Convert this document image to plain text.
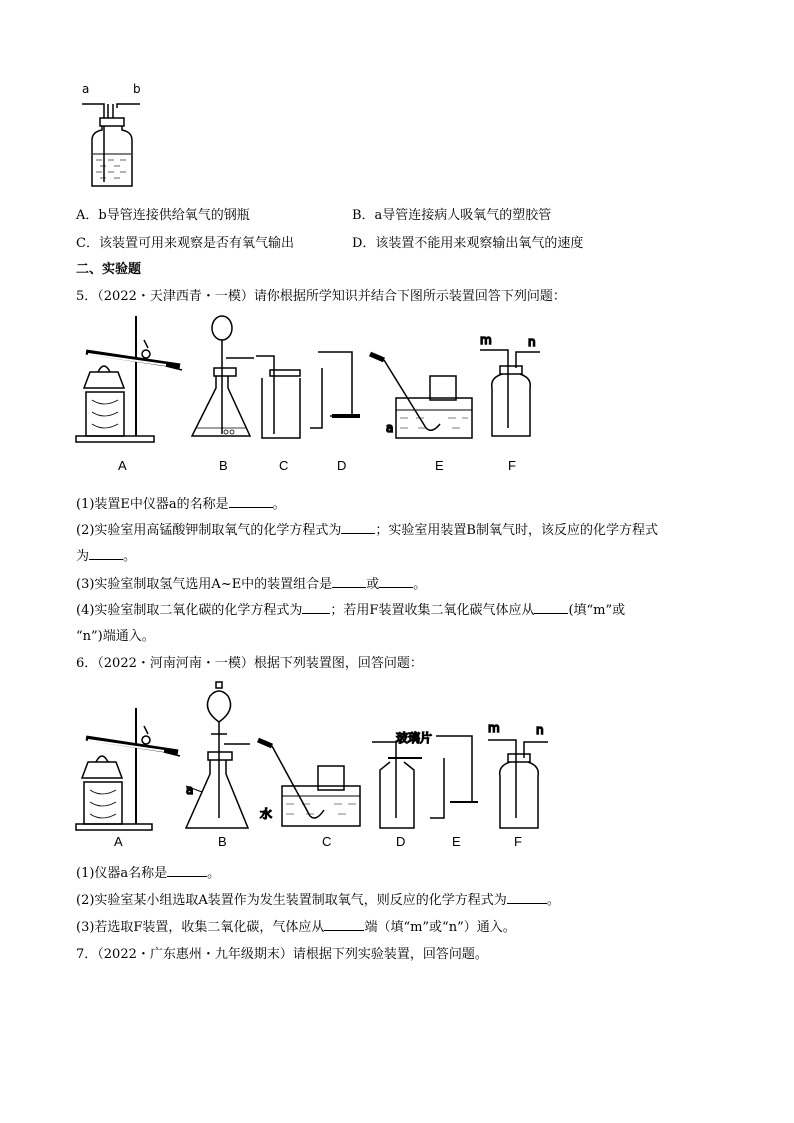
a	b
A．b导管连接供给氧气的钢瓶	B．a导管连接病人吸氧气的塑胶管
C．该装置可用来观察是否有氧气输出	D．该装置不能用来观察输出氧气的速度
二、实验题
5．（2022・天津西青・一模）请你根据所学知识并结合下图所示装置回答下列问题：
a
m	n
A	B	C	D	E	F
(1)装置E中仪器a的名称是	。
(2)实验室用高锰酸钾制取氧气的化学方程式为	；实验室用装置B制氧气时，该反应的化学方程式
为	。
(3)实验室制取氢气选用A~E中的装置组合是	或	。
(4)实验室制取二氧化碳的化学方程式为 ；若用F装置收集二氧化碳气体应从	(填“m”或
“n”)端通入。
6．（2022・河南河南・一模）根据下列装置图，回答问题：
a
水
玻璃片
m	n
A	B	C	D	E	F
(1)仪器a名称是	。
(2)实验室某小组选取A装置作为发生装置制取氧气，则反应的化学方程式为	。
(3)若选取F装置，收集二氧化碳，气体应从	端（填“m”或“n”）通入。
7．（2022・广东惠州・九年级期末）请根据下列实验装置，回答问题。
